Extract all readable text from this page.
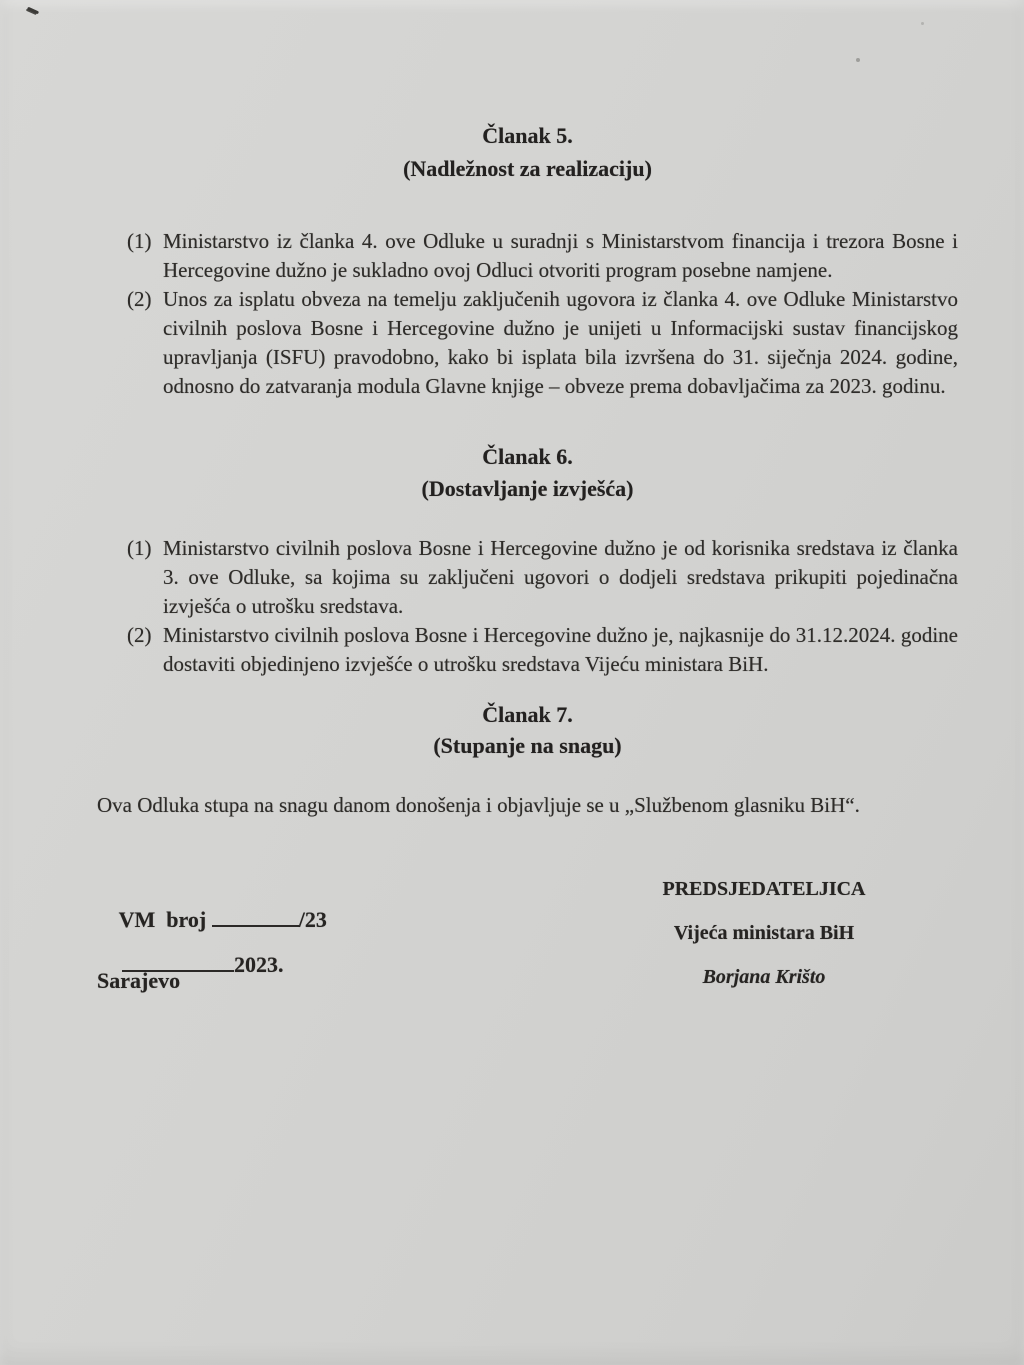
Članak 5.
(Nadležnost za realizaciju)
(1) Ministarstvo iz članka 4. ove Odluke u suradnji s Ministarstvom financija i trezora Bosne i Hercegovine dužno je sukladno ovoj Odluci otvoriti program posebne namjene.
(2) Unos za isplatu obveza na temelju zaključenih ugovora iz članka 4. ove Odluke Ministarstvo civilnih poslova Bosne i Hercegovine dužno je unijeti u Informacijski sustav financijskog upravljanja (ISFU) pravodobno, kako bi isplata bila izvršena do 31. siječnja 2024. godine, odnosno do zatvaranja modula Glavne knjige – obveze prema dobavljačima za 2023. godinu.
Članak 6.
(Dostavljanje izvješća)
(1) Ministarstvo civilnih poslova Bosne i Hercegovine dužno je od korisnika sredstava iz članka 3. ove Odluke, sa kojima su zaključeni ugovori o dodjeli sredstava prikupiti pojedinačna izvješća o utrošku sredstava.
(2) Ministarstvo civilnih poslova Bosne i Hercegovine dužno je, najkasnije do 31.12.2024. godine dostaviti objedinjeno izvješće o utrošku sredstava Vijeću ministara BiH.
Članak 7.
(Stupanje na snagu)

Ova Odluka stupa na snagu danom donošenja i objavljuje se u „Službenom glasniku BiH“.

VM  broj	/23

2023.

Sarajevo
PREDSJEDATELJICA
Vijeća ministara BiH
Borjana Krišto
